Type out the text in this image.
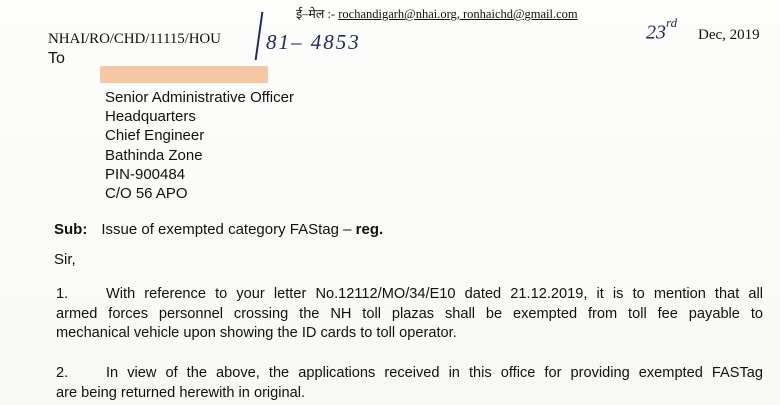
ई–मेल :- rochandigarh@nhai.org, ronhaichd@gmail.com
NHAI/RO/CHD/11115/HOU 81– 4853	23rd
Dec, 2019
To
Senior Administrative Officer
Headquarters
Chief Engineer
Bathinda Zone
PIN-900484
C/O 56 APO
Sub: Issue of exempted category FAStag – reg.
Sir,
1.	With reference to your letter No.12112/MO/34/E10 dated 21.12.2019, it is to mention that all
armed forces personnel crossing the NH toll plazas shall be exempted from toll fee payable to
mechanical vehicle upon showing the ID cards to toll operator.
2.	In view of the above, the applications received in this office for providing exempted FASTag
are being returned herewith in original.
